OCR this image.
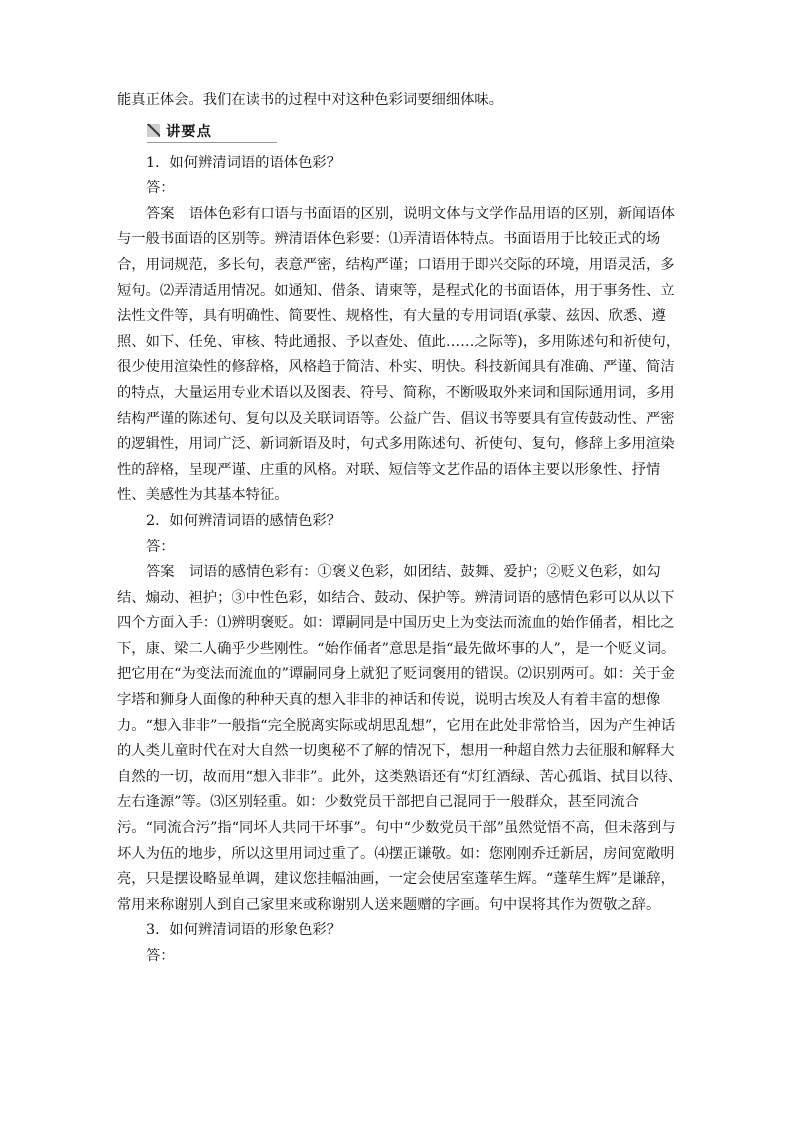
能真正体会。我们在读书的过程中对这种色彩词要细细体味。

讲要点

1．如何辨清词语的语体色彩？

答：

答案　语体色彩有口语与书面语的区别，说明文体与文学作品用语的区别，新闻语体与一般书面语的区别等。辨清语体色彩要：⑴弄清语体特点。书面语用于比较正式的场合，用词规范，多长句，表意严密，结构严谨；口语用于即兴交际的环境，用语灵活，多短句。⑵弄清适用情况。如通知、借条、请柬等，是程式化的书面语体，用于事务性、立法性文件等，具有明确性、简要性、规格性，有大量的专用词语(承蒙、兹因、欣悉、遵照、如下、任免、审核、特此通报、予以查处、值此……之际等)，多用陈述句和祈使句，很少使用渲染性的修辞格，风格趋于简洁、朴实、明快。科技新闻具有准确、严谨、简洁的特点，大量运用专业术语以及图表、符号、简称，不断吸取外来词和国际通用词，多用结构严谨的陈述句、复句以及关联词语等。公益广告、倡议书等要具有宣传鼓动性、严密的逻辑性，用词广泛、新词新语及时，句式多用陈述句、祈使句、复句，修辞上多用渲染性的辞格，呈现严谨、庄重的风格。对联、短信等文艺作品的语体主要以形象性、抒情性、美感性为其基本特征。

2．如何辨清词语的感情色彩？

答：

答案　词语的感情色彩有：①褒义色彩，如团结、鼓舞、爱护；②贬义色彩，如勾结、煽动、袒护；③中性色彩，如结合、鼓动、保护等。辨清词语的感情色彩可以从以下四个方面入手：⑴辨明褒贬。如：谭嗣同是中国历史上为变法而流血的始作俑者，相比之下，康、梁二人确乎少些刚性。“始作俑者”意思是指“最先做坏事的人”，是一个贬义词。把它用在“为变法而流血的”谭嗣同身上就犯了贬词褒用的错误。⑵识别两可。如：关于金字塔和狮身人面像的种种天真的想入非非的神话和传说，说明古埃及人有着丰富的想像力。“想入非非”一般指“完全脱离实际或胡思乱想”，它用在此处非常恰当，因为产生神话的人类儿童时代在对大自然一切奥秘不了解的情况下，想用一种超自然力去征服和解释大自然的一切，故而用“想入非非”。此外，这类熟语还有“灯红酒绿、苦心孤诣、拭目以待、左右逢源”等。⑶区别轻重。如：少数党员干部把自己混同于一般群众，甚至同流合污。“同流合污”指“同坏人共同干坏事”。句中“少数党员干部”虽然觉悟不高，但未落到与坏人为伍的地步，所以这里用词过重了。⑷摆正谦敬。如：您刚刚乔迁新居，房间宽敞明亮，只是摆设略显单调，建议您挂幅油画，一定会使居室蓬荜生辉。“蓬荜生辉”是谦辞，常用来称谢别人到自己家里来或称谢别人送来题赠的字画。句中误将其作为贺敬之辞。

3．如何辨清词语的形象色彩？

答：
